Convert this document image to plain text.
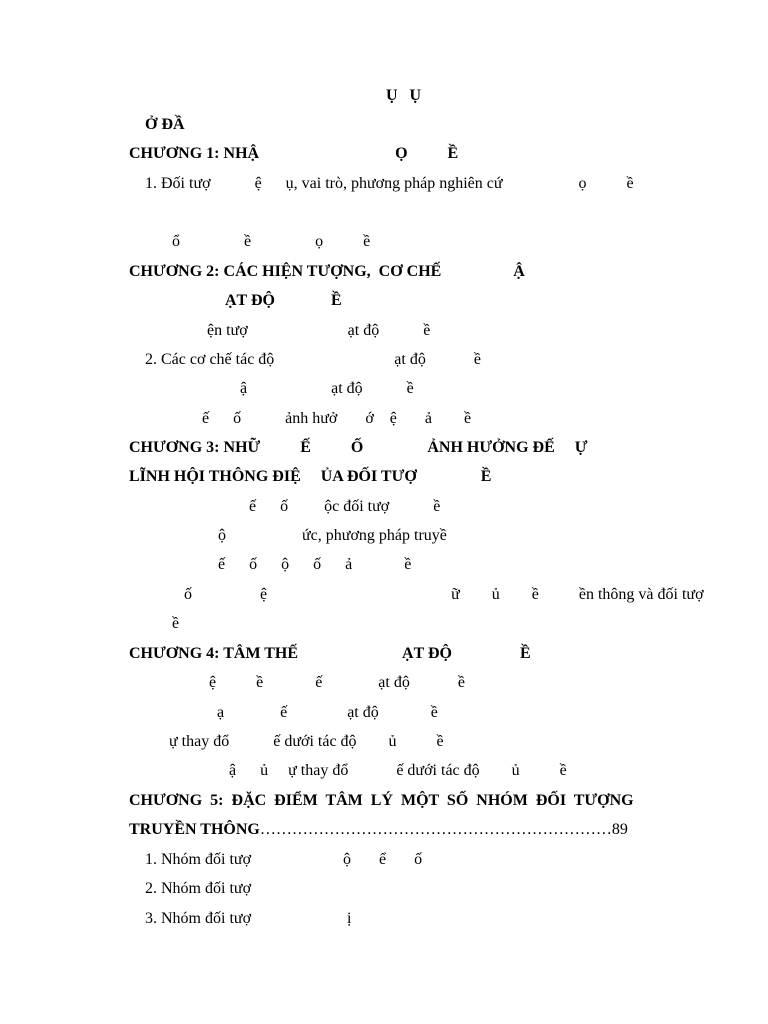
Ụ   Ụ
Ở ĐẦ
CHƯƠNG 1: NHẬ                                  Ọ          Ề
1. Đối tượ           ệ      ụ, vai trò, phương pháp nghiên cứ                   ọ          ề
ổ                ề                ọ          ề
CHƯƠNG 2: CÁC HIỆN TƯỢNG,  CƠ CHẾ                  Ậ
ẠT ĐỘ              Ề
ện tượ                         ạt độ           ề
2. Các cơ chế tác độ                              ạt độ            ề
ậ                     ạt độ           ề
ế      ố           ảnh hưở       ớ    ệ       ả        ề
CHƯƠNG 3: NHỮ          Ế          Ố                ẢNH HƯỞNG ĐẾ     Ự
LĨNH HỘI THÔNG ĐIỆ     ỦA ĐỐI TƯỢ                Ề
ế      ố         ộc đối tượ           ề
ộ                   ức, phương pháp truyề
ế      ố      ộ      ố      ả             ề
ố                 ệ                                              ữ        ủ        ề          ền thông và đối tượ
ề
CHƯƠNG 4: TÂM THẾ                          ẠT ĐỘ                 Ề
ệ          ề             ế              ạt độ            ề
ạ              ế               ạt độ             ề
ự thay đổ           ế dưới tác độ        ủ          ề
ậ      ủ     ự thay đổ            ế dưới tác độ        ủ          ề
CHƯƠNG 5: ĐẶC ĐIỂM TÂM LÝ MỘT SỐ NHÓM ĐỐI TƯỢNG
TRUYỀN THÔNG…………………………………………………………89
1. Nhóm đối tượ                       ộ       ể       ố
2. Nhóm đối tượ
3. Nhóm đối tượ                        ị
